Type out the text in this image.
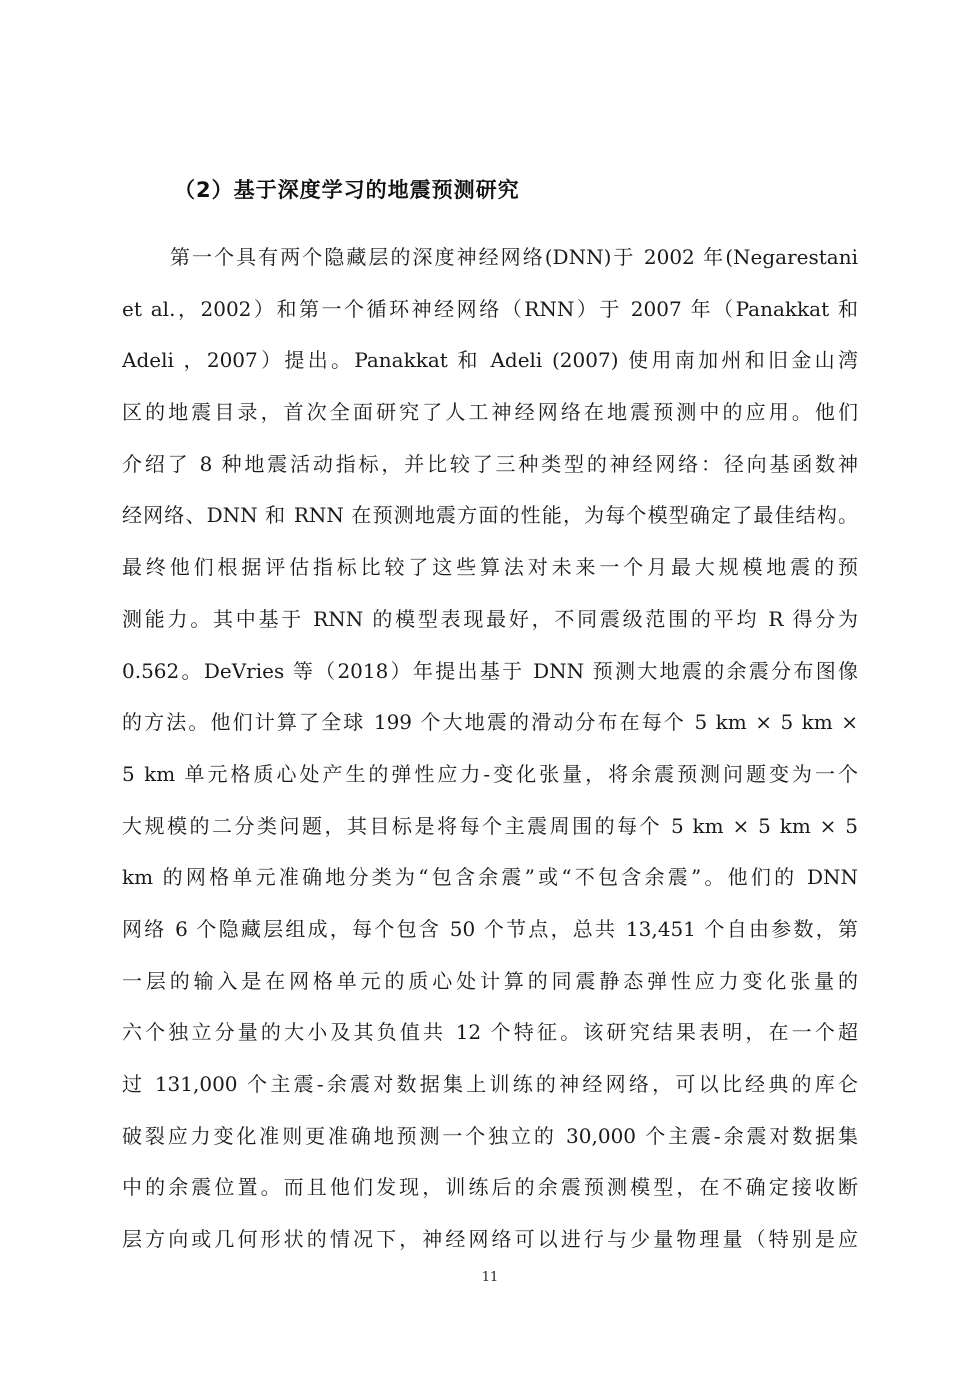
（2）基于深度学习的地震预测研究
第一个具有两个隐藏层的深度神经网络(DNN)于 2002 年(Negarestani
et al.，2002）和第一个循环神经网络（RNN）于 2007 年（Panakkat 和
Adeli ，2007）提出。Panakkat 和 Adeli (2007) 使用南加州和旧金山湾
区的地震目录，首次全面研究了人工神经网络在地震预测中的应用。他们
介绍了 8 种地震活动指标，并比较了三种类型的神经网络：径向基函数神
经网络、DNN 和 RNN 在预测地震方面的性能，为每个模型确定了最佳结构。
最终他们根据评估指标比较了这些算法对未来一个月最大规模地震的预
测能力。其中基于 RNN 的模型表现最好，不同震级范围的平均 R 得分为
0.562。DeVries 等（2018）年提出基于 DNN 预测大地震的余震分布图像
的方法。他们计算了全球 199 个大地震的滑动分布在每个 5 km × 5 km ×
5 km 单元格质心处产生的弹性应力-变化张量，将余震预测问题变为一个
大规模的二分类问题，其目标是将每个主震周围的每个 5 km × 5 km × 5
km 的网格单元准确地分类为“包含余震”或“不包含余震”。他们的 DNN
网络 6 个隐藏层组成，每个包含 50 个节点，总共 13,451 个自由参数，第
一层的输入是在网格单元的质心处计算的同震静态弹性应力变化张量的
六个独立分量的大小及其负值共 12 个特征。该研究结果表明，在一个超
过 131,000 个主震-余震对数据集上训练的神经网络，可以比经典的库仑
破裂应力变化准则更准确地预测一个独立的 30,000 个主震-余震对数据集
中的余震位置。而且他们发现，训练后的余震预测模型，在不确定接收断
层方向或几何形状的情况下，神经网络可以进行与少量物理量（特别是应
11
